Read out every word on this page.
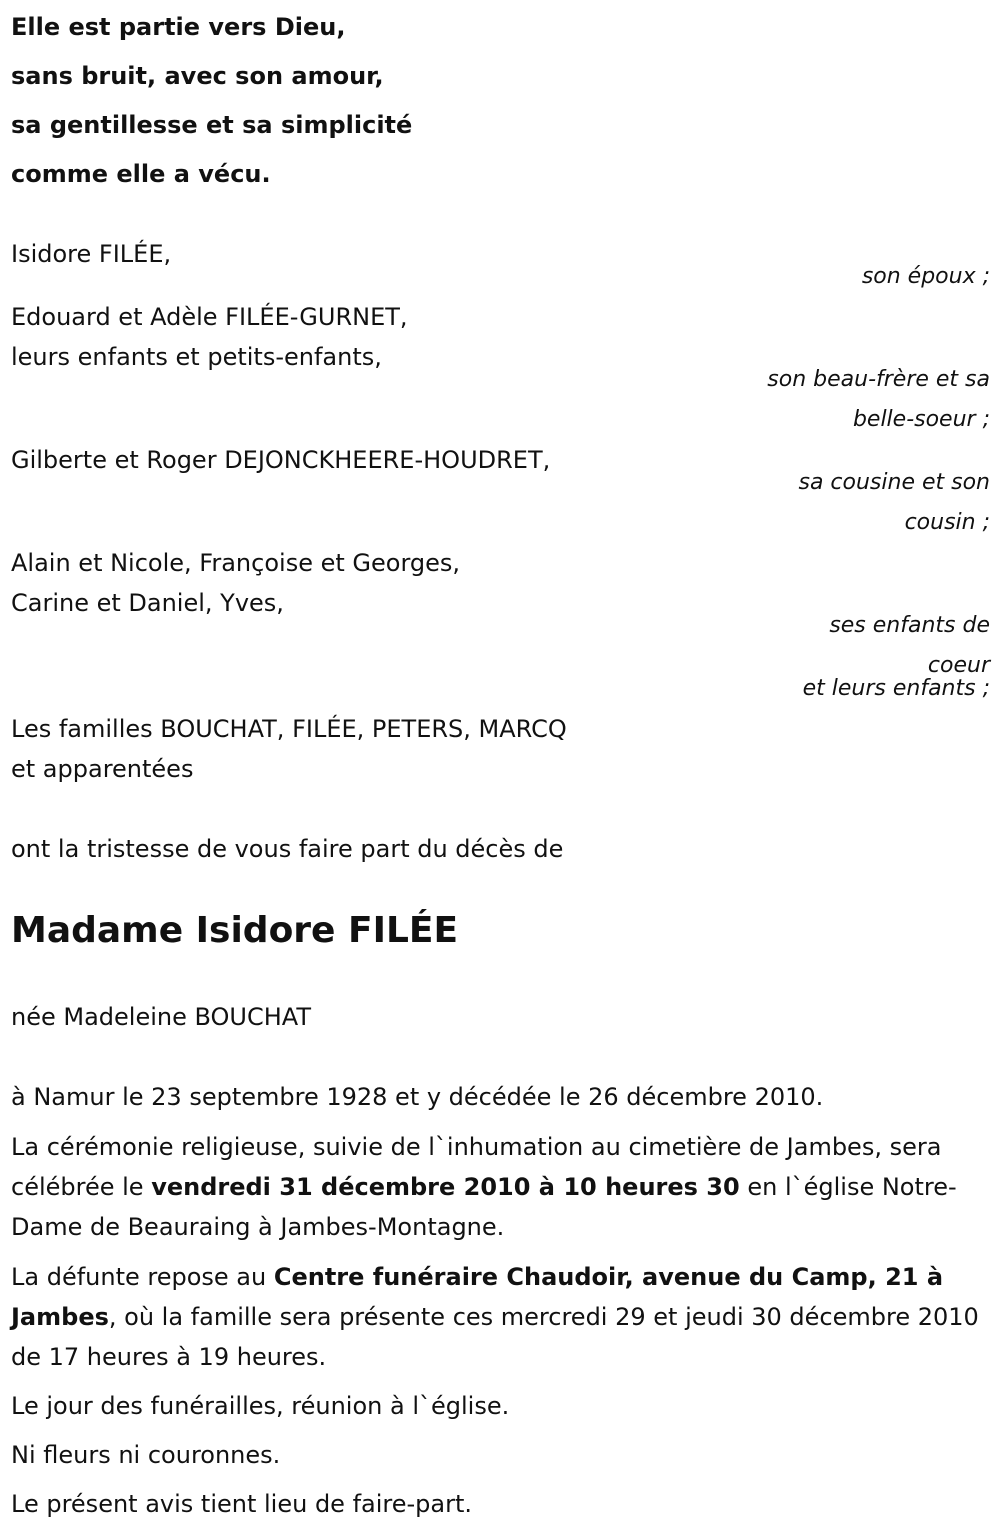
Elle est partie vers Dieu,
sans bruit, avec son amour,
sa gentillesse et sa simplicité
comme elle a vécu.
Isidore FILÉE,
son époux ;
Edouard et Adèle FILÉE-GURNET,
leurs enfants et petits-enfants,
son beau-frère et sa
belle-soeur ;
Gilberte et Roger DEJONCKHEERE-HOUDRET,
sa cousine et son
cousin ;
Alain et Nicole, Françoise et Georges,
Carine et Daniel, Yves,
ses enfants de
coeur
et leurs enfants ;
Les familles BOUCHAT, FILÉE, PETERS, MARCQ
et apparentées
ont la tristesse de vous faire part du décès de
Madame Isidore FILÉE
née Madeleine BOUCHAT
à Namur le 23 septembre 1928 et y décédée le 26 décembre 2010.
La cérémonie religieuse, suivie de l`inhumation au cimetière de Jambes, sera célébrée le vendredi 31 décembre 2010 à 10 heures 30 en l`église Notre-Dame de Beauraing à Jambes-Montagne.
La défunte repose au Centre funéraire Chaudoir, avenue du Camp, 21 à Jambes, où la famille sera présente ces mercredi 29 et jeudi 30 décembre 2010 de 17 heures à 19 heures.
Le jour des funérailles, réunion à l`église.
Ni fleurs ni couronnes.
Le présent avis tient lieu de faire-part.
